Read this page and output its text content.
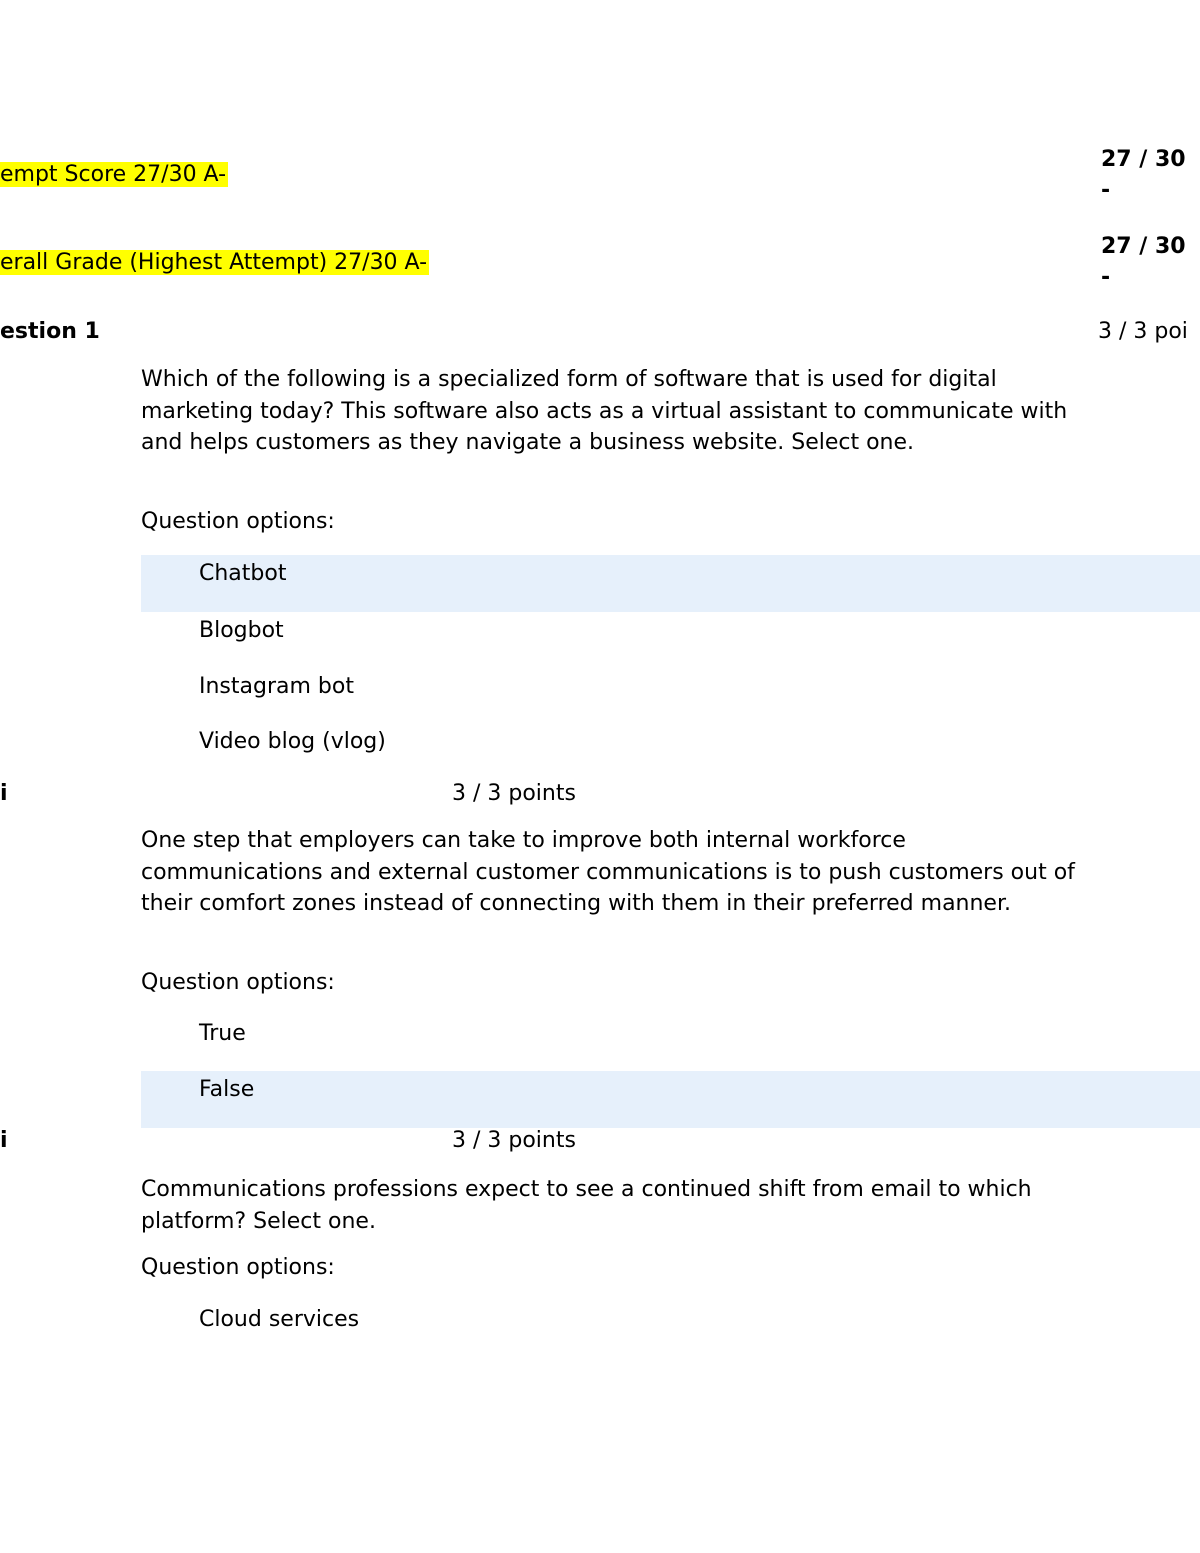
empt Score 27/30 A-
27 / 30
-
erall Grade (Highest Attempt) 27/30 A-
27 / 30
-
estion 1	3 / 3 poi
Which of the following is a specialized form of software that is used for digital marketing today? This software also acts as a virtual assistant to communicate with and helps customers as they navigate a business website. Select one.
Question options:
Chatbot
Blogbot
Instagram bot
Video blog (vlog)
i	3 / 3 points
One step that employers can take to improve both internal workforce communications and external customer communications is to push customers out of their comfort zones instead of connecting with them in their preferred manner.
Question options:
True
False
i	3 / 3 points
Communications professions expect to see a continued shift from email to which platform? Select one.
Question options:
Cloud services
